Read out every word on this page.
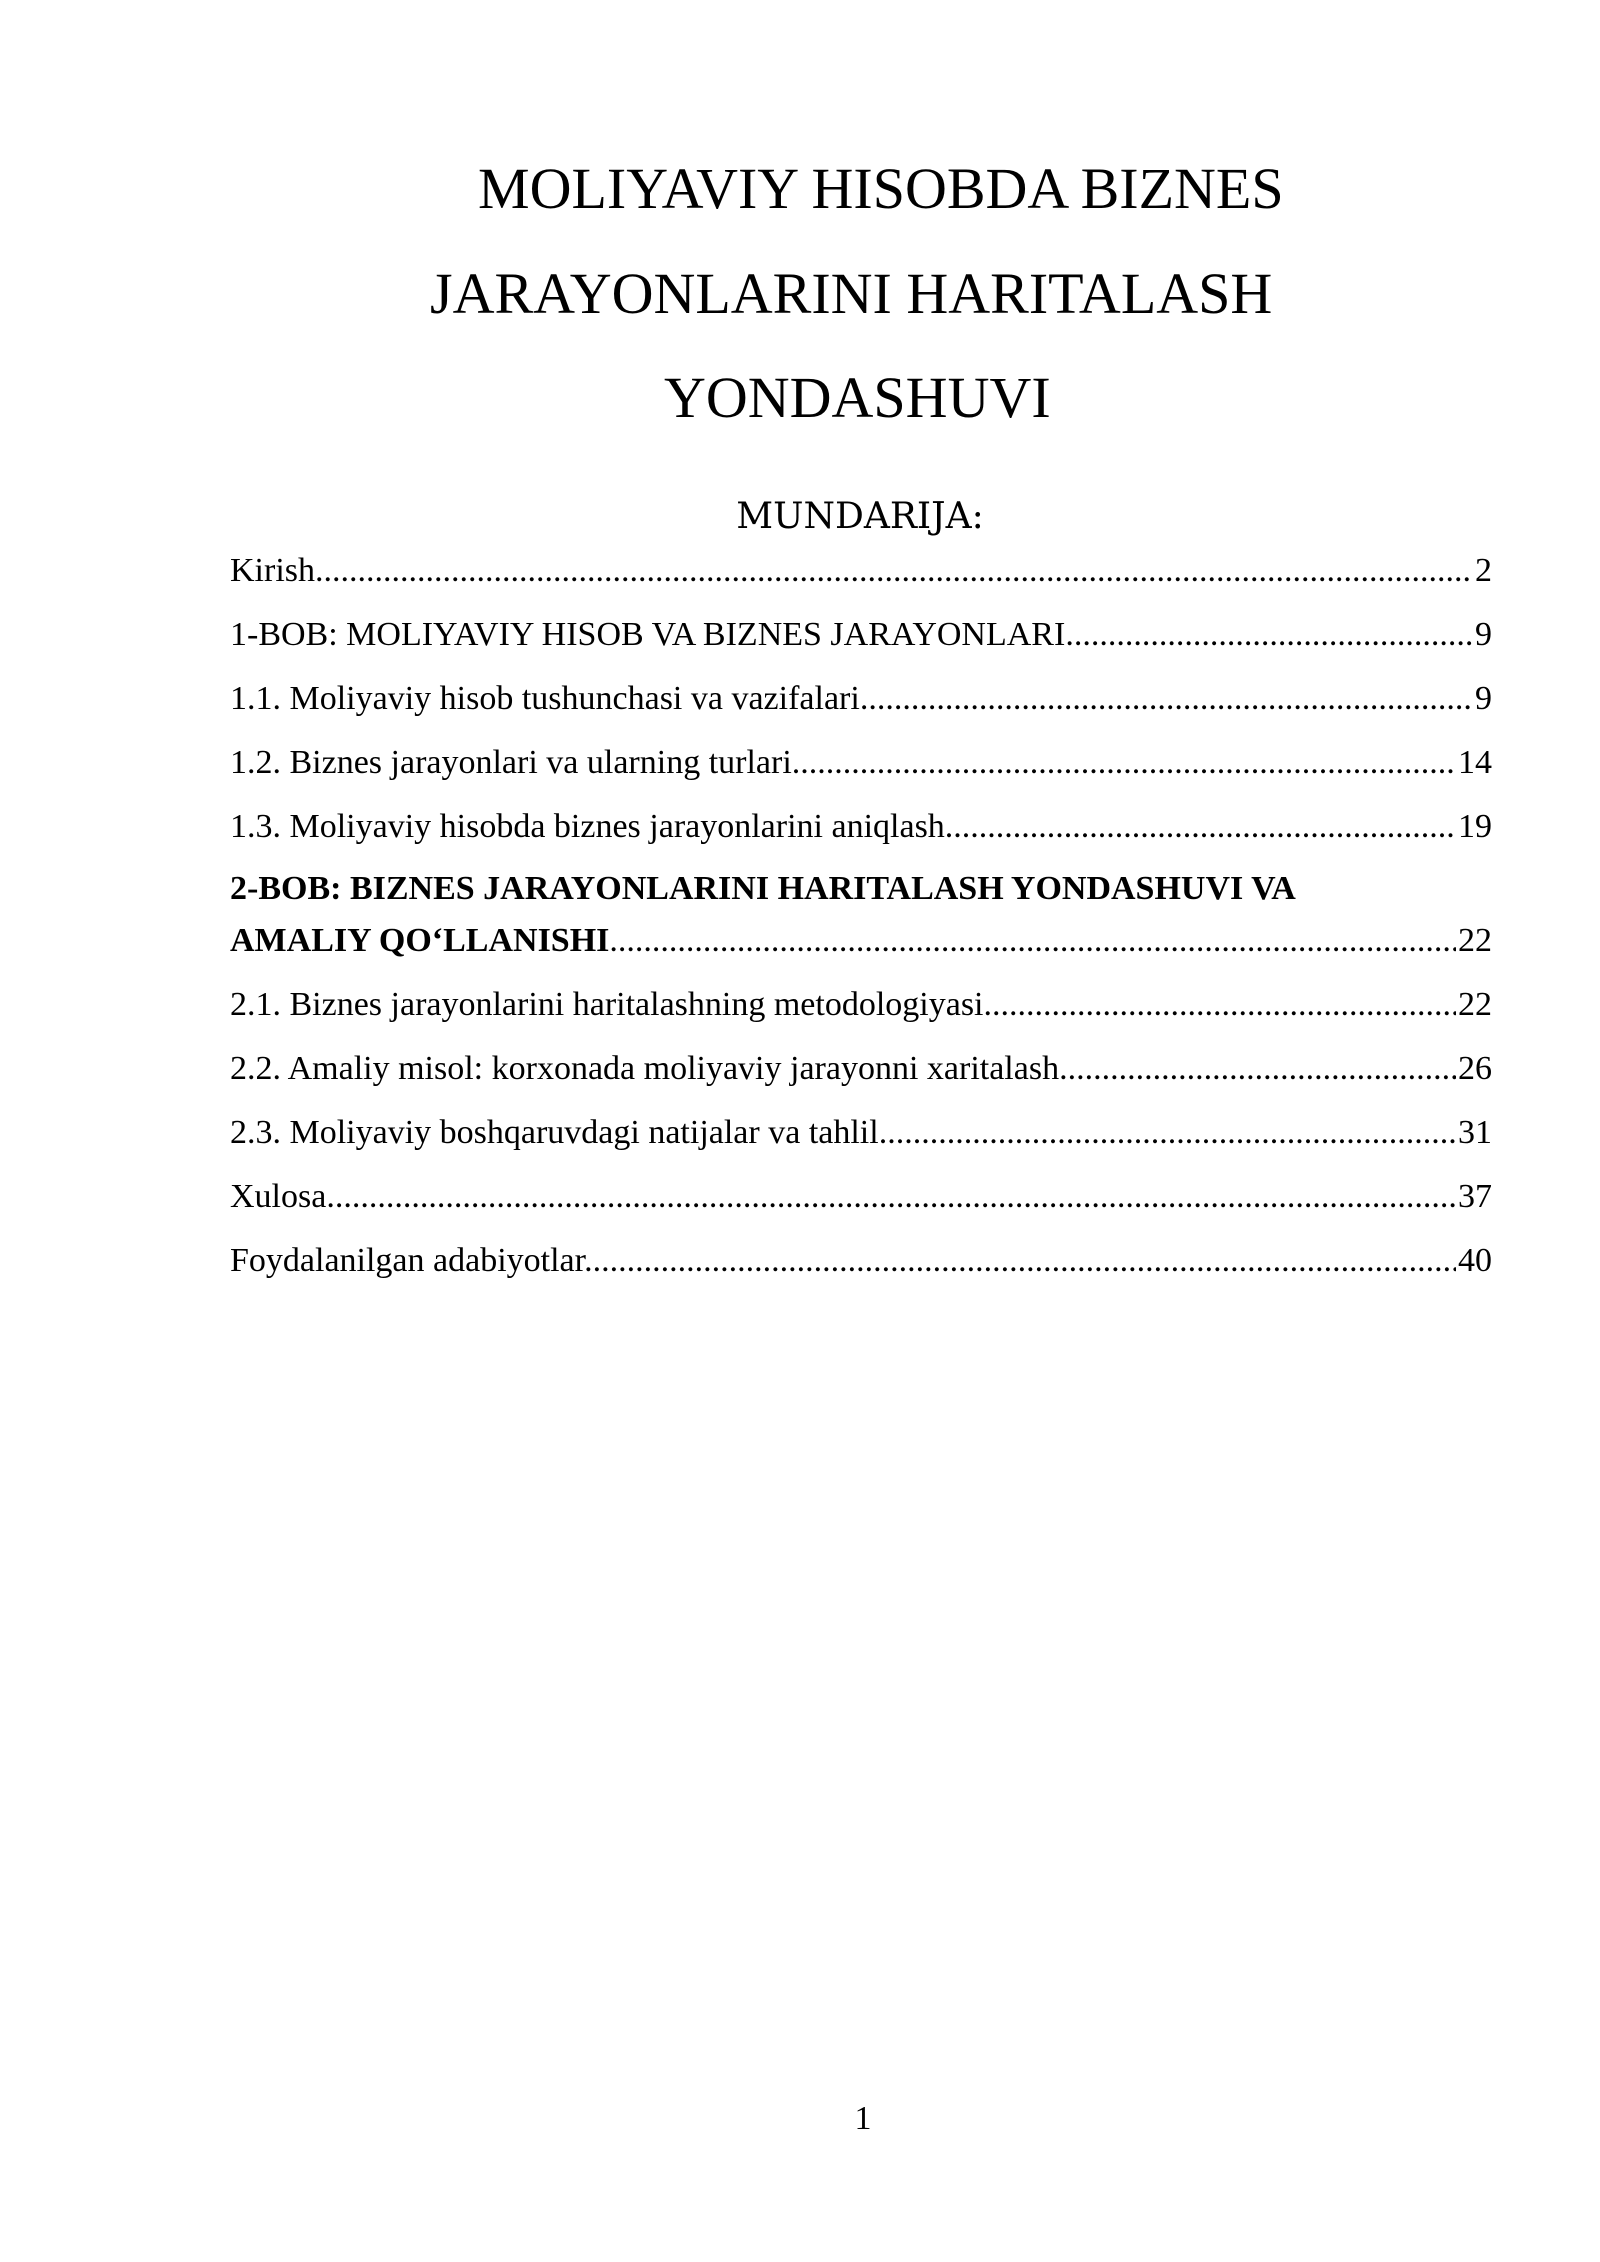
MOLIYAVIY HISOBDA BIZNES
JARAYONLARINI HARITALASH
YONDASHUVI
MUNDARIJA:
Kirish .....	2
1-BOB: MOLIYAVIY HISOB VA BIZNES JARAYONLARI .....	9
1.1. Moliyaviy hisob tushunchasi va vazifalari .....	9
1.2. Biznes jarayonlari va ularning turlari .....	14
1.3. Moliyaviy hisobda biznes jarayonlarini aniqlash .....	19
2-BOB: BIZNES JARAYONLARINI HARITALASH YONDASHUVI VA
AMALIY QO‘LLANISHI .....	22
2.1. Biznes jarayonlarini haritalashning metodologiyasi .....	22
2.2. Amaliy misol: korxonada moliyaviy jarayonni xaritalash .....	26
2.3. Moliyaviy boshqaruvdagi natijalar va tahlil .....	31
Xulosa .....	37
Foydalanilgan adabiyotlar .....	40
1
